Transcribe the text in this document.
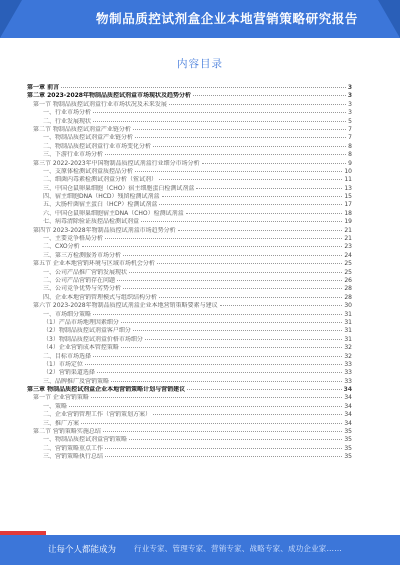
物制品质控试剂盒企业本地营销策略研究报告
内容目录
第一章 前言	3
第二章 2023-2028年物制品质控试剂盒市场现状及趋势分析	3
第一节 物制品质控试剂盒行业市场状况及未来发展	3
一、行业市场分析	3
二、行业发展现状	5
第二节 物制品质控试剂盒产业链分析	7
一、物制品质控试剂盒产业链分析	7
二、物制品质控试剂盒行业市场变化分析	8
三、下游行业市场分析	8
第三节 2022-2023年中国物制品质控试剂盒行业细分市场分析	9
一、支原体检测试剂盒质控品分析	10
二、细菌内毒素检测试剂盒分析（鲎试剂）	11
三、中国仓鼠卵巢细胞（CHO）宿主细胞蛋白检测试剂盒	13
四、宿主细胞DNA（HCD）残留检测试剂盒	15
五、大肠杆菌宿主蛋白（HCP）检测试剂盒	17
六、中国仓鼠卵巢细胞宿主DNA（CHO）检测试剂盒	18
七、病毒清除验证质控品检测试剂盒	19
第四节 2023-2028年物制品质控试剂盒市场趋势分析	21
一、主要竞争格局分析	21
二、CXO分析	23
三、第三方检测服务市场分析	24
第五节 企业本地营销环境与区域市场机会分析	25
一、公司产品推广营销发展现状	25
二、公司产品营销存在问题	26
三、公司竞争优势与劣势分析	28
四、企业本地营销管理模式与组织结构分析	28
第六节 2023-2028年物制品质控试剂盒企业本地营销策略要素与建议	30
一、市场细分策略	31
（1）产品市场地理因素细分	31
（2）物制品质控试剂盒客户细分	31
（3）物制品质控试剂盒价格市场细分	31
（4）企业营销成本管控策略	32
二、目标市场选择	32
（1）市场定位	33
（2）营销渠道选择	33
三、品牌推广及营销策略	33
第三章 物制品质控试剂盒企业本地营销策略计划与营销建议	34
第一节 企业营销策略	34
一、策略	34
二、企业营销管理工作（营销策划方案）	34
三、推广方案	34
第二节 营销策略实施总结	35
一、物制品质控试剂盒营销策略	35
二、营销策略重点工作	35
三、营销策略执行总结	35
让每个人都能成为 行业专家、管理专家、营销专家、战略专家、成功企业家……
